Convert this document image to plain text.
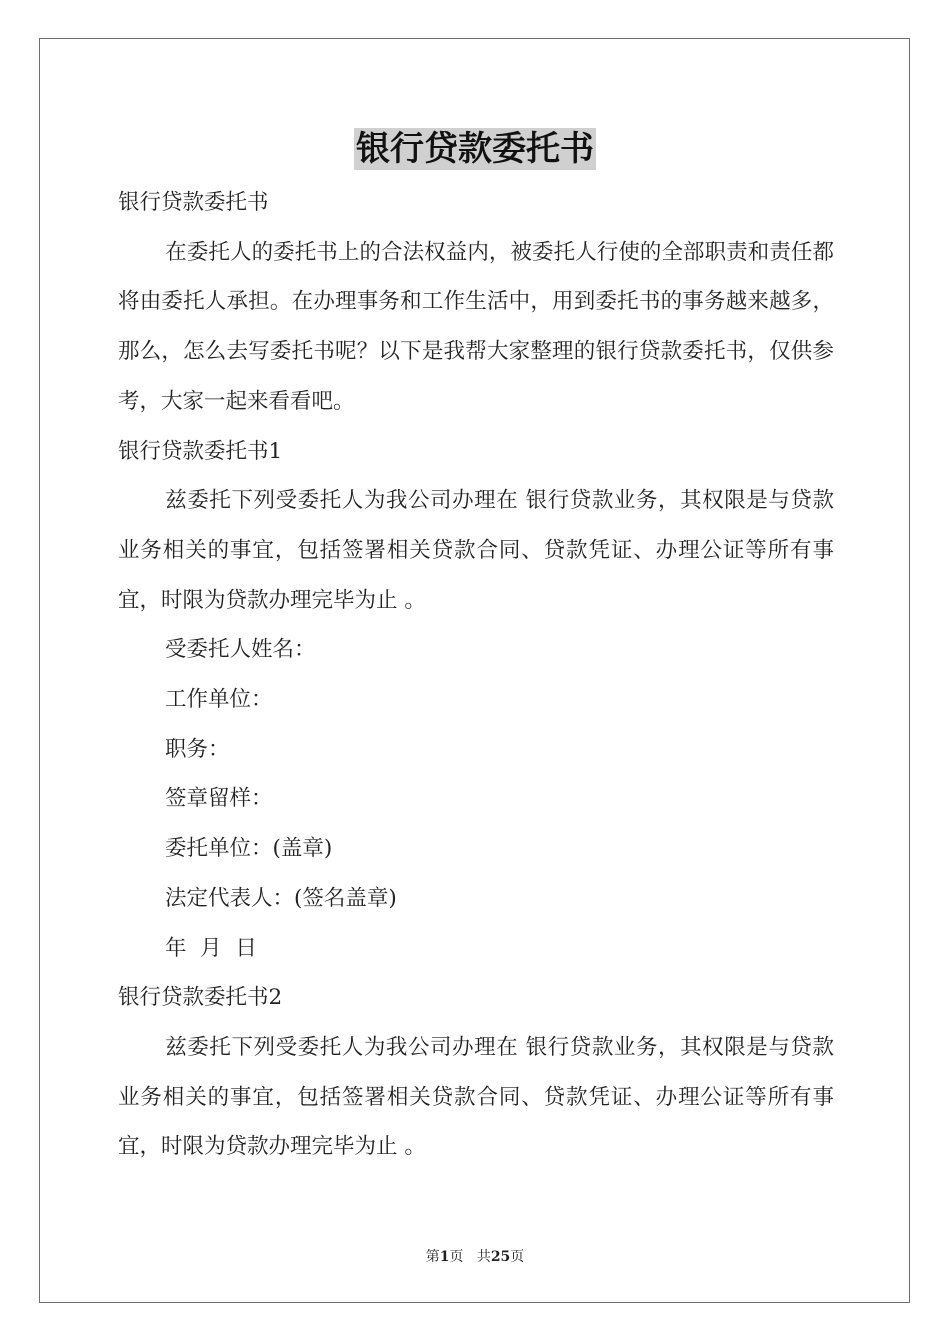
银行贷款委托书

银行贷款委托书

在委托人的委托书上的合法权益内，被委托人行使的全部职责和责任都将由委托人承担。在办理事务和工作生活中，用到委托书的事务越来越多，那么，怎么去写委托书呢？以下是我帮大家整理的银行贷款委托书，仅供参考，大家一起来看看吧。

银行贷款委托书1

兹委托下列受委托人为我公司办理在 银行贷款业务，其权限是与贷款业务相关的事宜，包括签署相关贷款合同、贷款凭证、办理公证等所有事宜，时限为贷款办理完毕为止 。

受委托人姓名：

工作单位：

职务：

签章留样：

委托单位：(盖章)

法定代表人：(签名盖章)

年  月  日

银行贷款委托书2

兹委托下列受委托人为我公司办理在 银行贷款业务，其权限是与贷款业务相关的事宜，包括签署相关贷款合同、贷款凭证、办理公证等所有事宜，时限为贷款办理完毕为止 。

第1页 共25页
